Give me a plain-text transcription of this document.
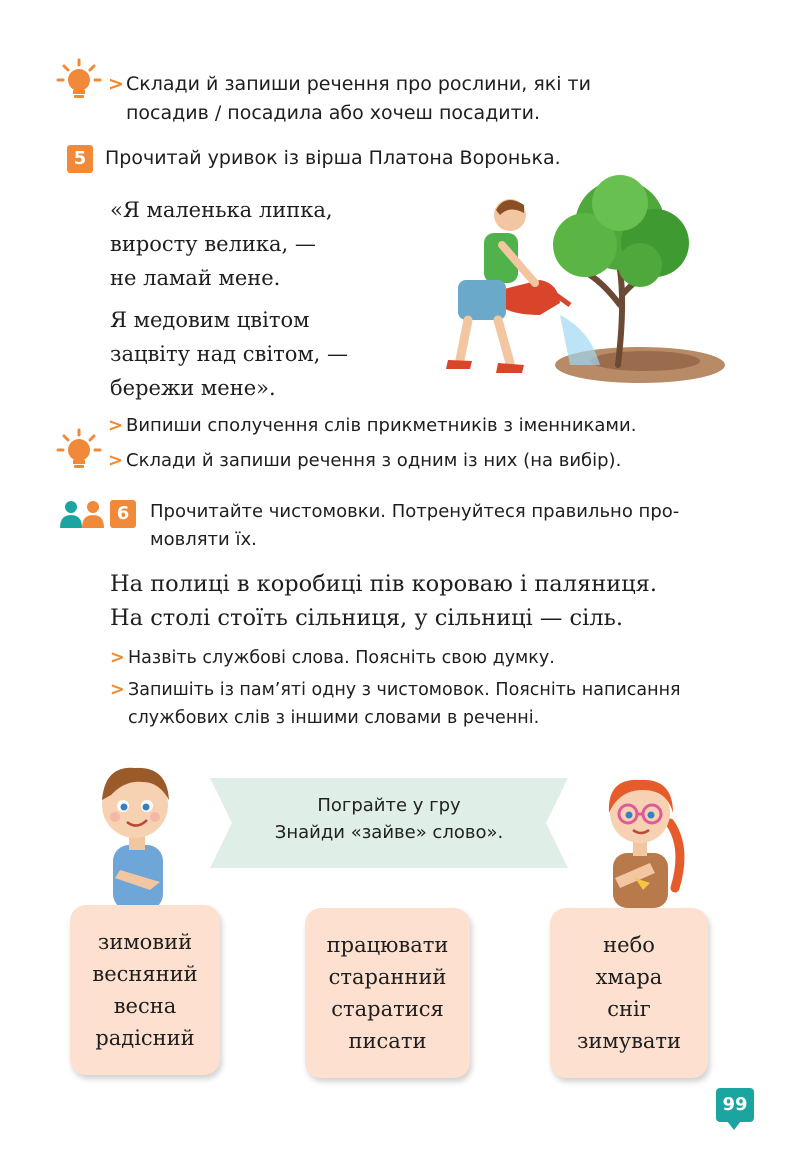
> Склади й запиши речення про рослини, які ти
посадив / посадила або хочеш посадити.
5 Прочитай уривок із вірша Платона Воронька.
«Я маленька липка,
виросту велика, —
не ламай мене.
Я медовим цвітом
зацвіту над світом, —
бережи мене».
> Випиши сполучення слів прикметників з іменниками.
> Склади й запиши речення з одним із них (на вибір).
6	Прочитайте чистомовки. Потренуйтеся правильно про-
мовляти їх.
На полиці в коробиці пів короваю і паляниця.
На столі стоїть сільниця, у сільниці — сіль.
> Назвіть службові слова. Поясніть свою думку.
> Запишіть із пам’яті одну з чистомовок. Поясніть написання
службових слів з іншими словами в реченні.
Пограйте у гру
Знайди «зайве» слово».
зимовий
весняний
весна
радісний
працювати
старанний
старатися
писати
небо
хмара
сніг
зимувати
99
